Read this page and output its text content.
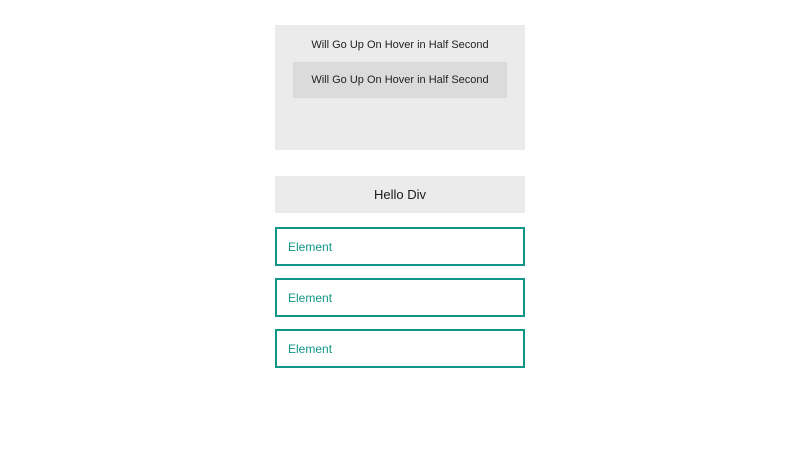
Will Go Up On Hover in Half Second
Will Go Up On Hover in Half Second
Hello Div
Element
Element
Element
